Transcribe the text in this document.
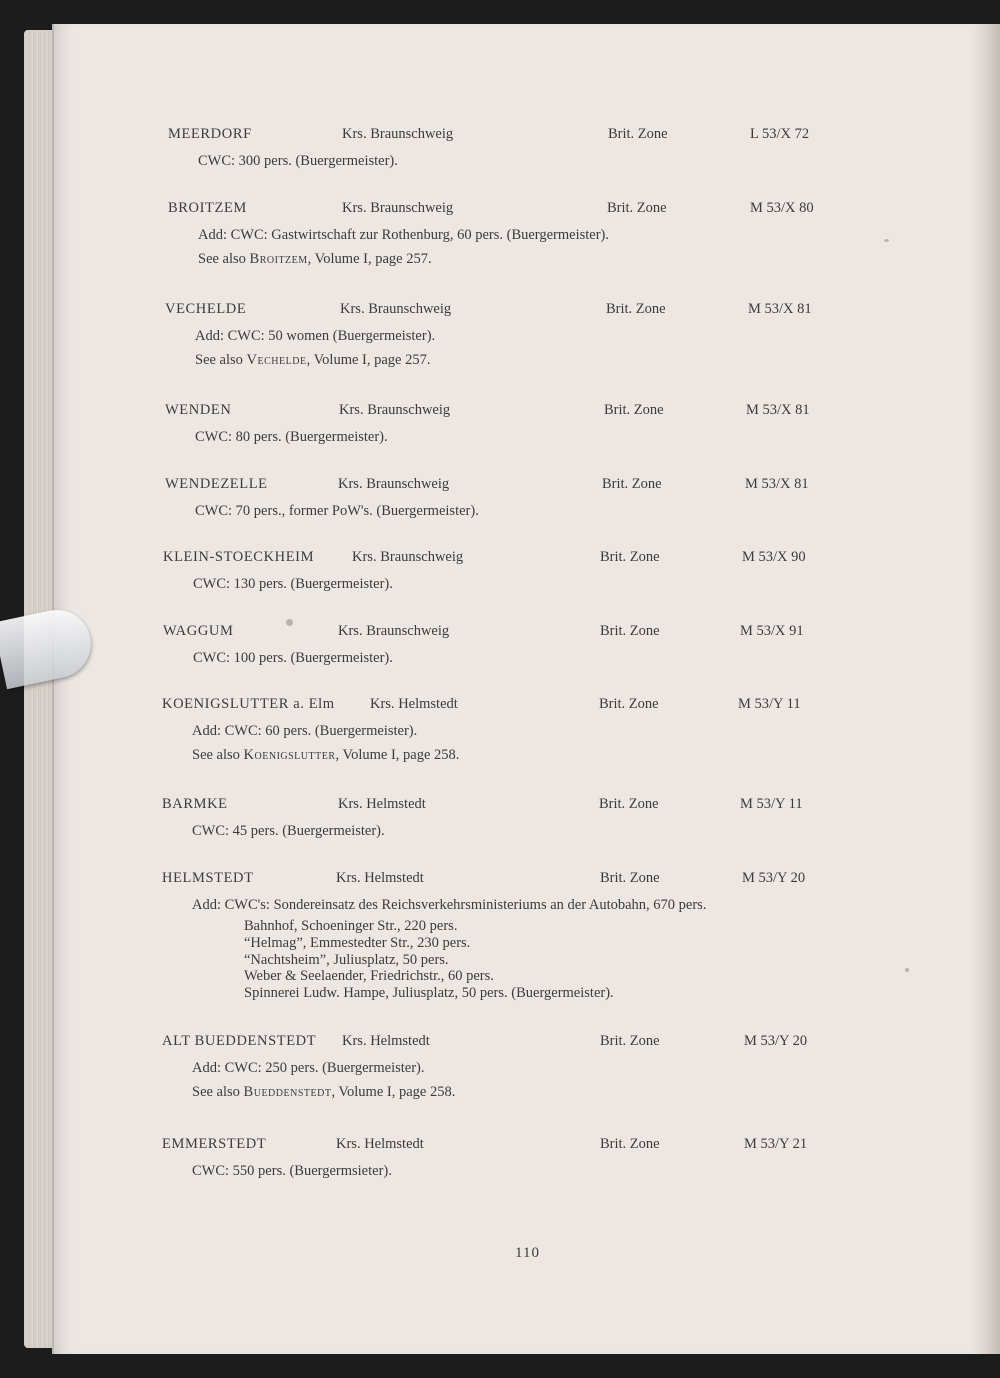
MEERDORF	Krs. Braunschweig	Brit. Zone	L 53/X 72
CWC: 300 pers. (Buergermeister).
BROITZEM	Krs. Braunschweig	Brit. Zone	M 53/X 80
Add: CWC: Gastwirtschaft zur Rothenburg, 60 pers. (Buergermeister).
See also Broitzem, Volume I, page 257.
VECHELDE	Krs. Braunschweig	Brit. Zone	M 53/X 81
Add: CWC: 50 women (Buergermeister).
See also Vechelde, Volume I, page 257.
WENDEN	Krs. Braunschweig	Brit. Zone	M 53/X 81
CWC: 80 pers. (Buergermeister).
WENDEZELLE	Krs. Braunschweig	Brit. Zone	M 53/X 81
CWC: 70 pers., former PoW's. (Buergermeister).
KLEIN-STOECKHEIM	Krs. Braunschweig	Brit. Zone	M 53/X 90
CWC: 130 pers. (Buergermeister).
WAGGUM	Krs. Braunschweig	Brit. Zone	M 53/X 91
CWC: 100 pers. (Buergermeister).
KOENIGSLUTTER a. Elm Krs. Helmstedt	Brit. Zone	M 53/Y 11
Add: CWC: 60 pers. (Buergermeister).
See also Koenigslutter, Volume I, page 258.
BARMKE	Krs. Helmstedt	Brit. Zone	M 53/Y 11
CWC: 45 pers. (Buergermeister).
HELMSTEDT	Krs. Helmstedt	Brit. Zone	M 53/Y 20
Add: CWC's: Sondereinsatz des Reichsverkehrsministeriums an der Autobahn, 670 pers.
Bahnhof, Schoeninger Str., 220 pers.
“Helmag”, Emmestedter Str., 230 pers.
“Nachtsheim”, Juliusplatz, 50 pers.
Weber & Seelaender, Friedrichstr., 60 pers.
Spinnerei Ludw. Hampe, Juliusplatz, 50 pers. (Buergermeister).
ALT BUEDDENSTEDT Krs. Helmstedt	Brit. Zone	M 53/Y 20
Add: CWC: 250 pers. (Buergermeister).
See also Bueddenstedt, Volume I, page 258.
EMMERSTEDT	Krs. Helmstedt	Brit. Zone	M 53/Y 21
CWC: 550 pers. (Buergermsieter).
110
